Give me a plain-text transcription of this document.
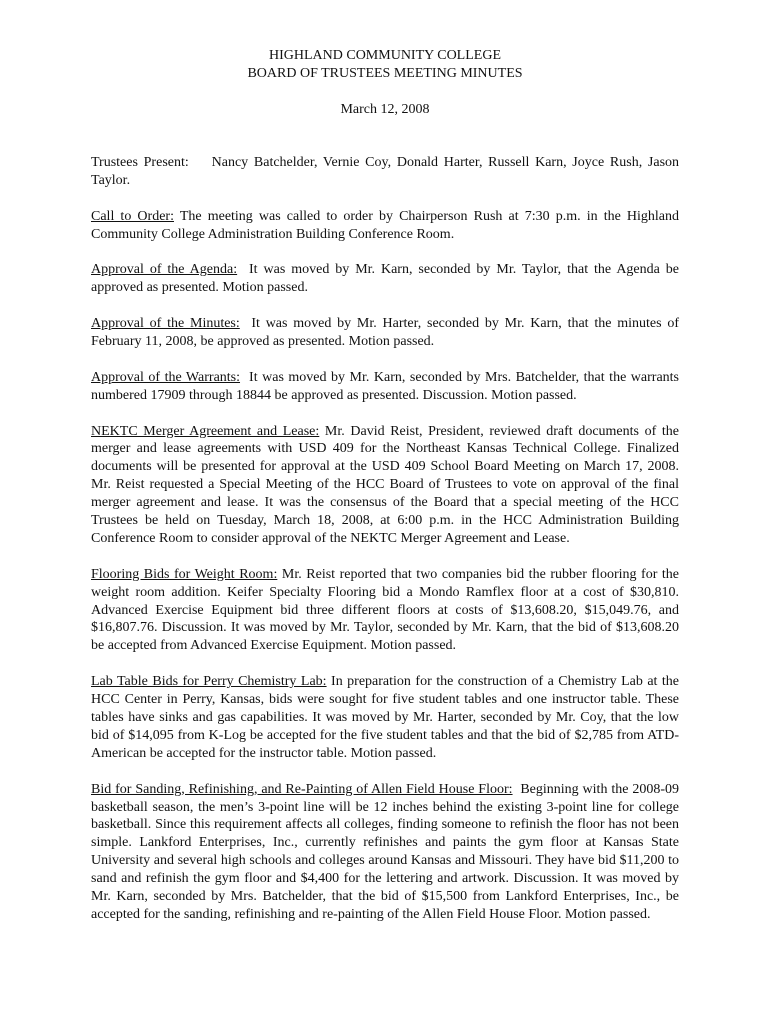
HIGHLAND COMMUNITY COLLEGE
BOARD OF TRUSTEES MEETING MINUTES
March 12, 2008

Trustees Present: Nancy Batchelder, Vernie Coy, Donald Harter, Russell Karn, Joyce Rush, Jason Taylor.

Call to Order: The meeting was called to order by Chairperson Rush at 7:30 p.m. in the Highland Community College Administration Building Conference Room.

Approval of the Agenda: It was moved by Mr. Karn, seconded by Mr. Taylor, that the Agenda be approved as presented. Motion passed.

Approval of the Minutes: It was moved by Mr. Harter, seconded by Mr. Karn, that the minutes of February 11, 2008, be approved as presented. Motion passed.

Approval of the Warrants: It was moved by Mr. Karn, seconded by Mrs. Batchelder, that the warrants numbered 17909 through 18844 be approved as presented. Discussion. Motion passed.

NEKTC Merger Agreement and Lease: Mr. David Reist, President, reviewed draft documents of the merger and lease agreements with USD 409 for the Northeast Kansas Technical College. Finalized documents will be presented for approval at the USD 409 School Board Meeting on March 17, 2008. Mr. Reist requested a Special Meeting of the HCC Board of Trustees to vote on approval of the final merger agreement and lease. It was the consensus of the Board that a special meeting of the HCC Trustees be held on Tuesday, March 18, 2008, at 6:00 p.m. in the HCC Administration Building Conference Room to consider approval of the NEKTC Merger Agreement and Lease.

Flooring Bids for Weight Room: Mr. Reist reported that two companies bid the rubber flooring for the weight room addition. Keifer Specialty Flooring bid a Mondo Ramflex floor at a cost of $30,810. Advanced Exercise Equipment bid three different floors at costs of $13,608.20, $15,049.76, and $16,807.76. Discussion. It was moved by Mr. Taylor, seconded by Mr. Karn, that the bid of $13,608.20 be accepted from Advanced Exercise Equipment. Motion passed.

Lab Table Bids for Perry Chemistry Lab: In preparation for the construction of a Chemistry Lab at the HCC Center in Perry, Kansas, bids were sought for five student tables and one instructor table. These tables have sinks and gas capabilities. It was moved by Mr. Harter, seconded by Mr. Coy, that the low bid of $14,095 from K-Log be accepted for the five student tables and that the bid of $2,785 from ATD-American be accepted for the instructor table. Motion passed.

Bid for Sanding, Refinishing, and Re-Painting of Allen Field House Floor: Beginning with the 2008-09 basketball season, the men’s 3-point line will be 12 inches behind the existing 3-point line for college basketball. Since this requirement affects all colleges, finding someone to refinish the floor has not been simple. Lankford Enterprises, Inc., currently refinishes and paints the gym floor at Kansas State University and several high schools and colleges around Kansas and Missouri. They have bid $11,200 to sand and refinish the gym floor and $4,400 for the lettering and artwork. Discussion. It was moved by Mr. Karn, seconded by Mrs. Batchelder, that the bid of $15,500 from Lankford Enterprises, Inc., be accepted for the sanding, refinishing and re-painting of the Allen Field House Floor. Motion passed.
